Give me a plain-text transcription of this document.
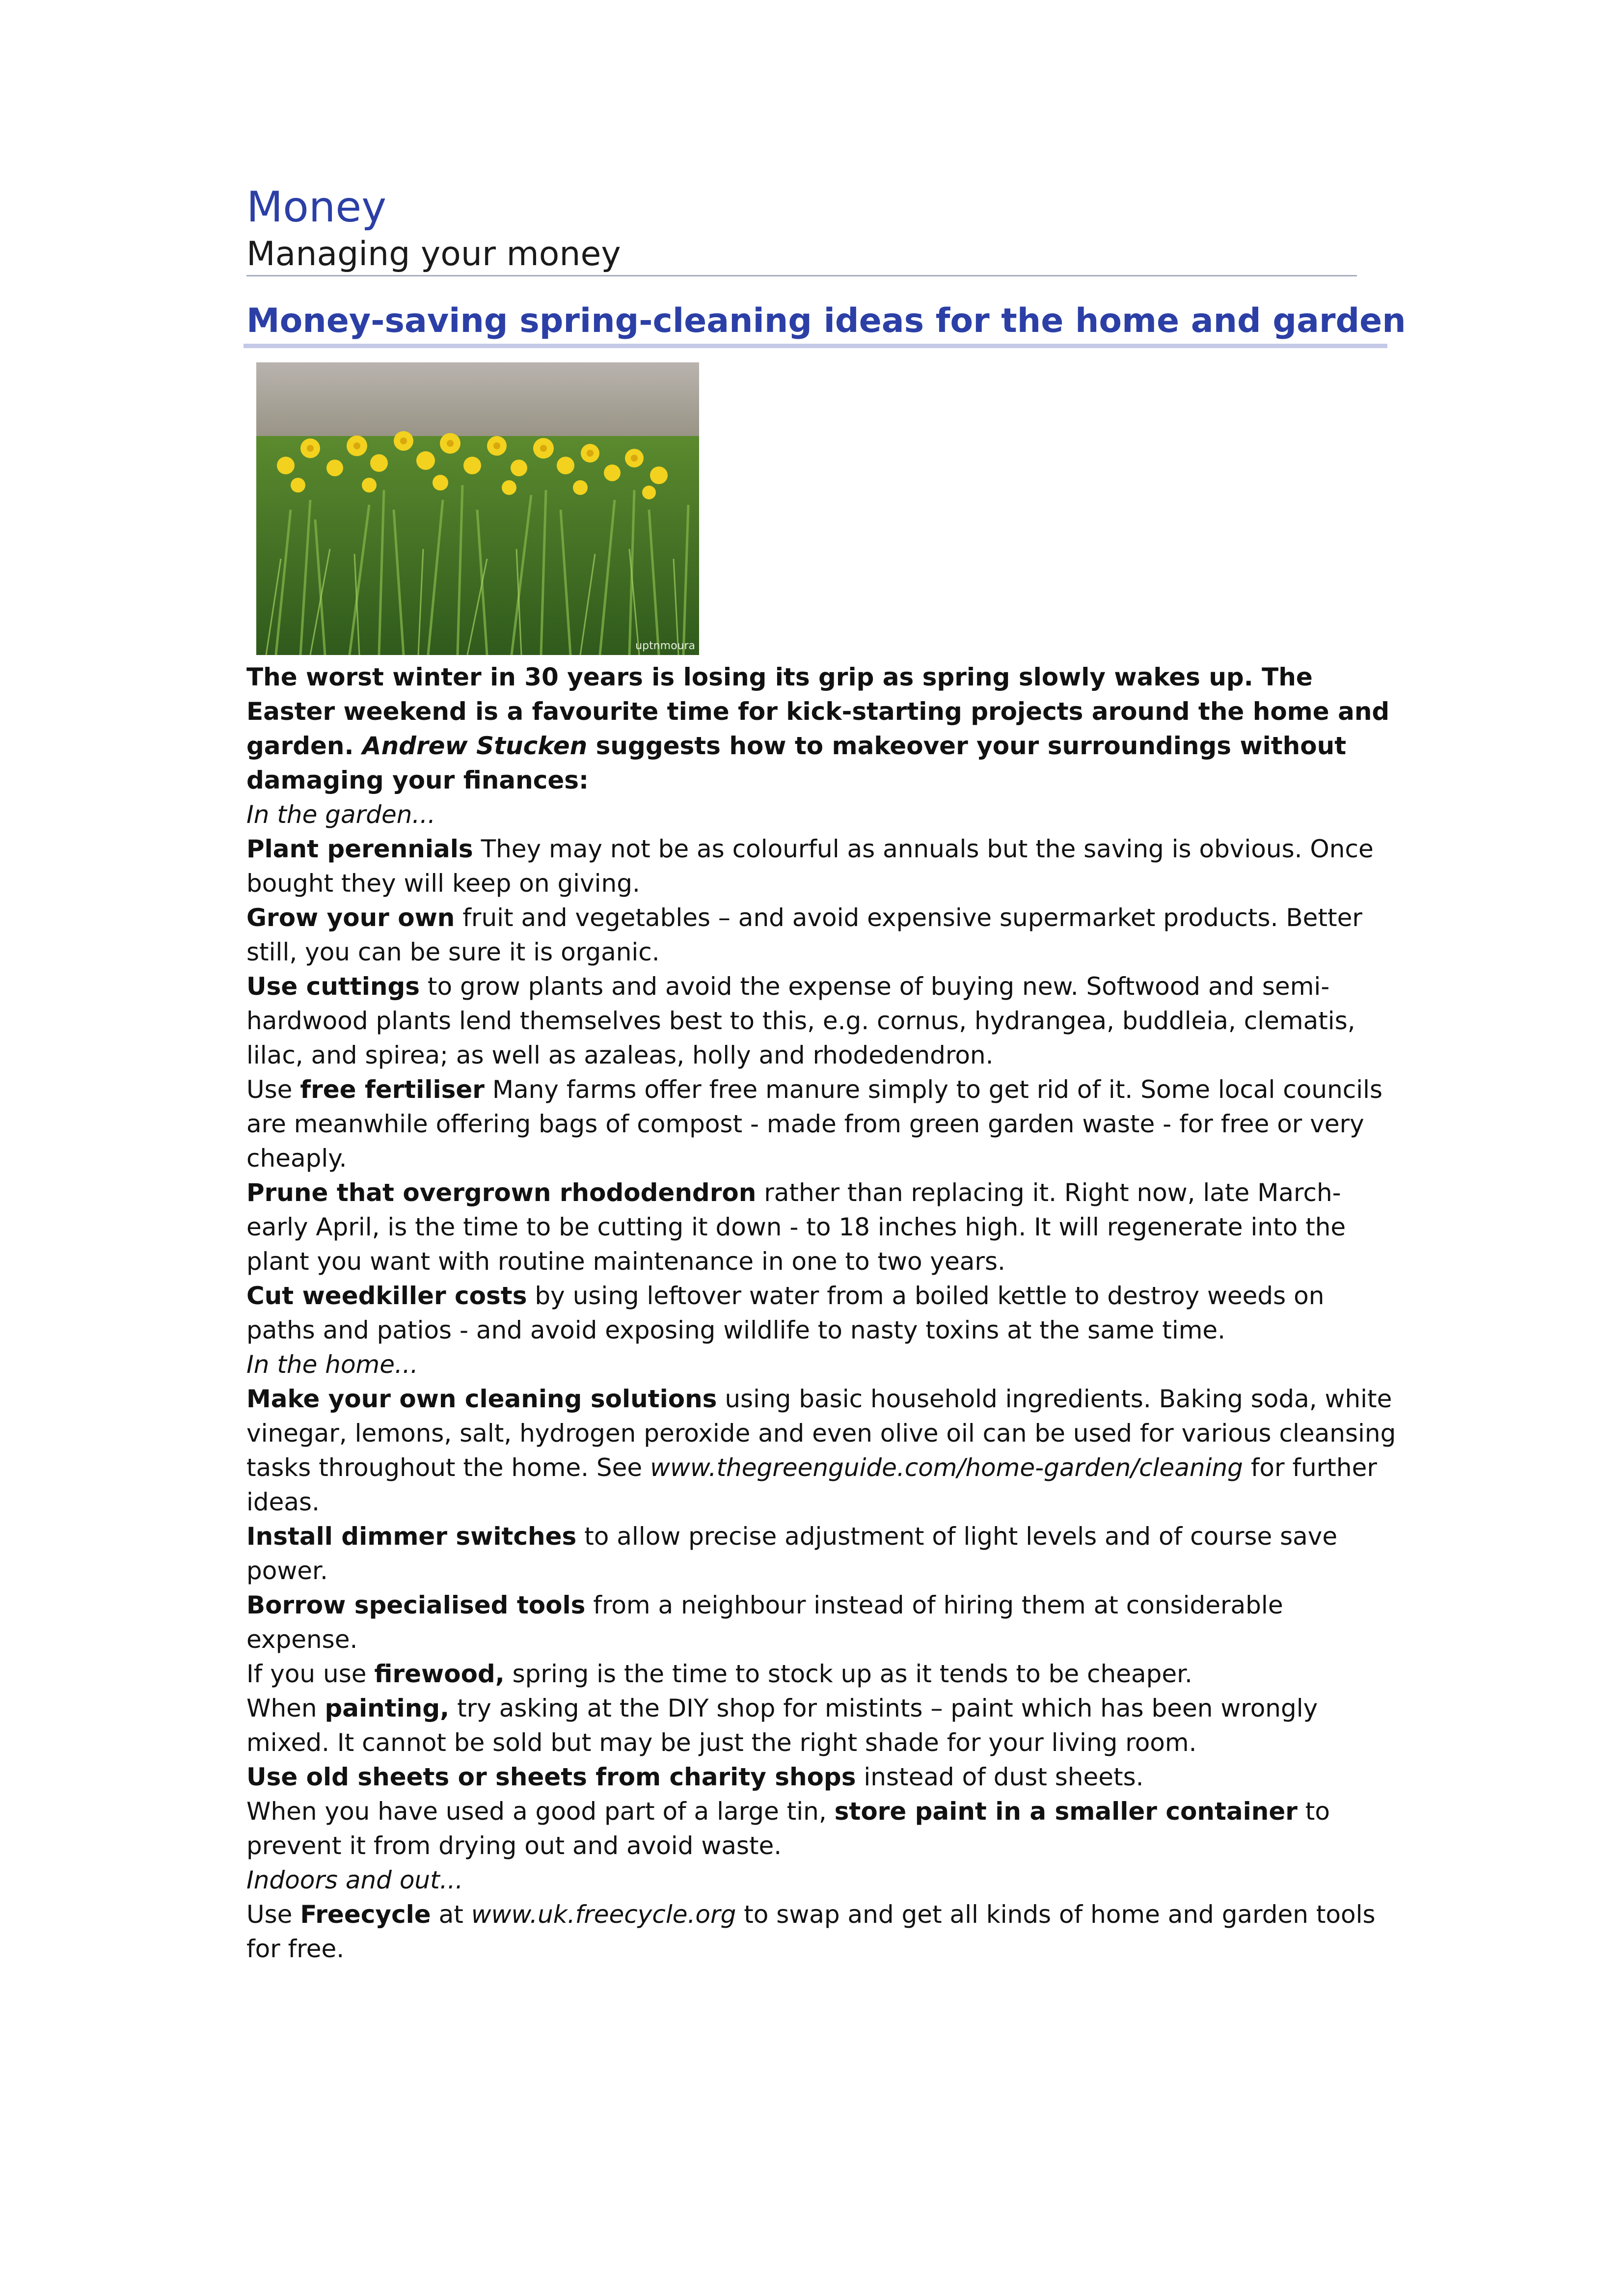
Money
Managing your money
Money-saving spring-cleaning ideas for the home and garden
uptnmoura

The worst winter in 30 years is losing its grip as spring slowly wakes up. The Easter weekend is a favourite time for kick-starting projects around the home and garden. Andrew Stucken suggests how to makeover your surroundings without damaging your finances:

In the garden...

Plant perennials They may not be as colourful as annuals but the saving is obvious. Once bought they will keep on giving.

Grow your own fruit and vegetables – and avoid expensive supermarket products. Better still, you can be sure it is organic.

Use cuttings to grow plants and avoid the expense of buying new. Softwood and semi-hardwood plants lend themselves best to this, e.g. cornus, hydrangea, buddleia, clematis, lilac, and spirea; as well as azaleas, holly and rhodedendron.

Use free fertiliser Many farms offer free manure simply to get rid of it. Some local councils are meanwhile offering bags of compost - made from green garden waste - for free or very cheaply.

Prune that overgrown rhododendron rather than replacing it. Right now, late March-early April, is the time to be cutting it down - to 18 inches high. It will regenerate into the plant you want with routine maintenance in one to two years.

Cut weedkiller costs by using leftover water from a boiled kettle to destroy weeds on paths and patios - and avoid exposing wildlife to nasty toxins at the same time.

In the home...

Make your own cleaning solutions using basic household ingredients. Baking soda, white vinegar, lemons, salt, hydrogen peroxide and even olive oil can be used for various cleansing tasks throughout the home. See www.thegreenguide.com/home-garden/cleaning for further ideas.

Install dimmer switches to allow precise adjustment of light levels and of course save power.

Borrow specialised tools from a neighbour instead of hiring them at considerable expense.

If you use firewood, spring is the time to stock up as it tends to be cheaper.

When painting, try asking at the DIY shop for mistints – paint which has been wrongly mixed. It cannot be sold but may be just the right shade for your living room.

Use old sheets or sheets from charity shops instead of dust sheets.

When you have used a good part of a large tin, store paint in a smaller container to prevent it from drying out and avoid waste.

Indoors and out...

Use Freecycle at www.uk.freecycle.org to swap and get all kinds of home and garden tools for free.
